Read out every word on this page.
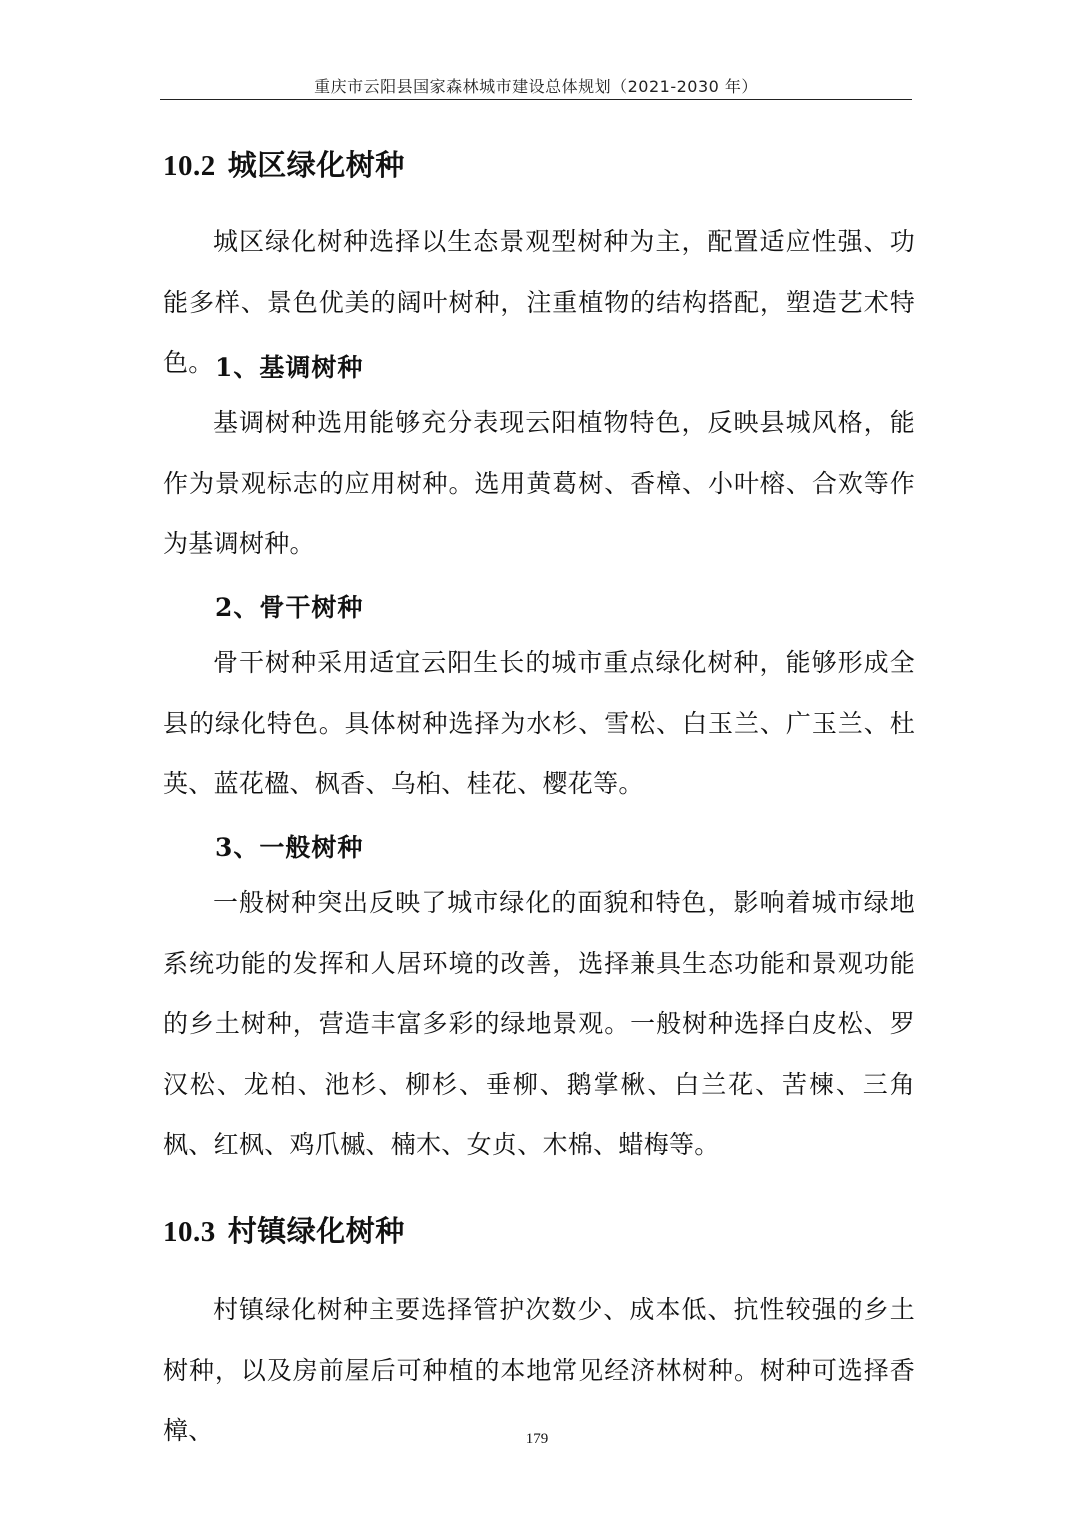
重庆市云阳县国家森林城市建设总体规划（2021-2030 年）
10.2 城区绿化树种

城区绿化树种选择以生态景观型树种为主，配置适应性强、功能多样、景色优美的阔叶树种，注重植物的结构搭配，塑造艺术特色。 1、基调树种

基调树种选用能够充分表现云阳植物特色，反映县城风格，能作为景观标志的应用树种。选用黄葛树、香樟、小叶榕、合欢等作为基调树种。

2、骨干树种

骨干树种采用适宜云阳生长的城市重点绿化树种，能够形成全县的绿化特色。具体树种选择为水杉、雪松、白玉兰、广玉兰、杜英、蓝花楹、枫香、乌桕、桂花、樱花等。

3、一般树种

一般树种突出反映了城市绿化的面貌和特色，影响着城市绿地系统功能的发挥和人居环境的改善，选择兼具生态功能和景观功能的乡土树种，营造丰富多彩的绿地景观。一般树种选择白皮松、罗汉松、龙柏、池杉、柳杉、垂柳、鹅掌楸、白兰花、苦楝、三角枫、红枫、鸡爪槭、楠木、女贞、木棉、蜡梅等。

10.3 村镇绿化树种

村镇绿化树种主要选择管护次数少、成本低、抗性较强的乡土树种，以及房前屋后可种植的本地常见经济林树种。树种可选择香樟、	179
